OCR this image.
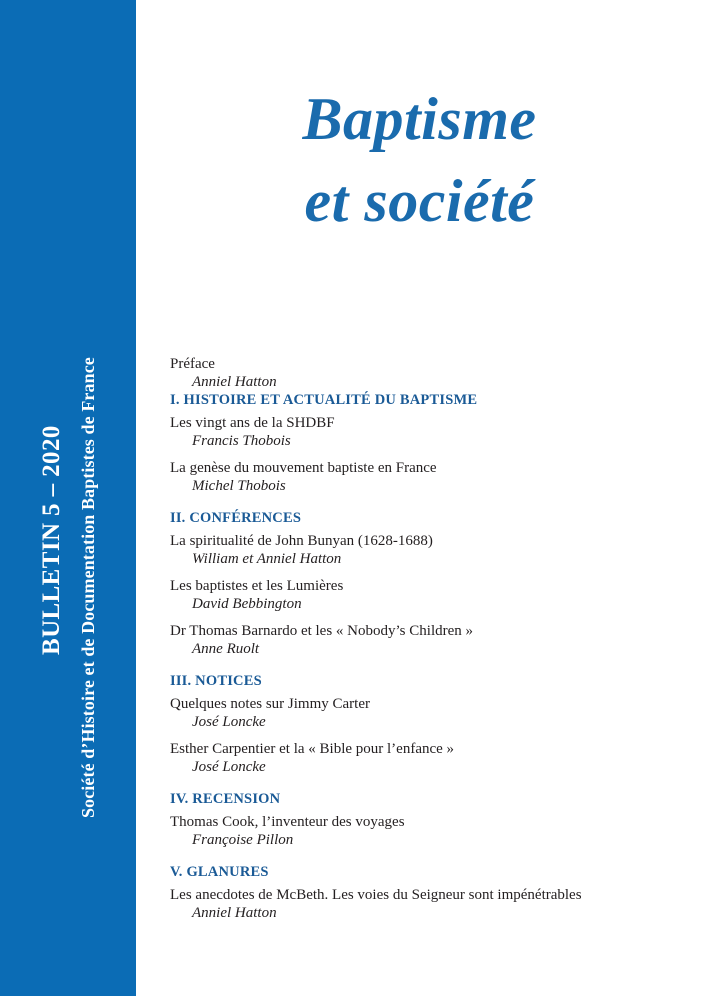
BULLETIN 5 – 2020 Société d’Histoire et de Documentation Baptistes de France
Baptisme
et société
Préface
Anniel Hatton
I. HISTOIRE ET ACTUALITÉ DU BAPTISME
Les vingt ans de la SHDBF
Francis Thobois
La genèse du mouvement baptiste en France
Michel Thobois
II. CONFÉRENCES
La spiritualité de John Bunyan (1628-1688)
William et Anniel Hatton
Les baptistes et les Lumières
David Bebbington
Dr Thomas Barnardo et les « Nobody’s Children »
Anne Ruolt
III. NOTICES
Quelques notes sur Jimmy Carter
José Loncke
Esther Carpentier et la « Bible pour l’enfance »
José Loncke
IV. RECENSION
Thomas Cook, l’inventeur des voyages
Françoise Pillon
V. GLANURES
Les anecdotes de McBeth. Les voies du Seigneur sont impénétrables
Anniel Hatton
